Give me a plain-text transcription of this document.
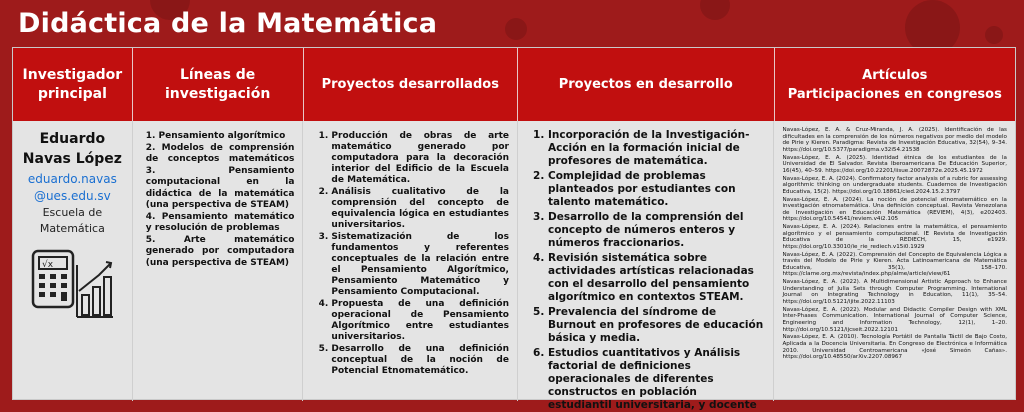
Didáctica de la Matemática
Investigador principal
Líneas de investigación
Proyectos desarrollados	Proyectos en desarrollo
Artículos
Participaciones en congresos
Eduardo
Navas López
eduardo.navas
@ues.edu.sv
Escuela de
Matemática
√x
1. Pensamiento algorítmico
2. Modelos de comprensión de conceptos matemáticos 3. Pensamiento computacional en la didáctica de la matemática (una perspectiva de STEAM)
4. Pensamiento matemático y resolución de problemas
5. Arte matemático generado por computadora (una perspectiva de STEAM)
1. Producción de obras de arte matemático generado por computadora para la decoración interior del Edificio de la Escuela de Matemática.
2. Análisis cualitativo de la comprensión del concepto de equivalencia lógica en estudiantes universitarios.
3. Sistematización de los fundamentos y referentes conceptuales de la relación entre el Pensamiento Algorítmico, Pensamiento Matemático y Pensamiento Computacional.
4. Propuesta de una definición operacional de Pensamiento Algorítmico entre estudiantes universitarios.
5. Desarrollo de una definición conceptual de la noción de Potencial Etnomatemático.
1. Incorporación de la Investigación-Acción en la formación inicial de profesores de matemática.
2. Complejidad de problemas planteados por estudiantes con talento matemático.
3. Desarrollo de la comprensión del concepto de números enteros y números fraccionarios.
4. Revisión sistemática sobre actividades artísticas relacionadas con el desarrollo del pensamiento algorítmico en contextos STEAM.
5. Prevalencia del síndrome de Burnout en profesores de educación básica y media.
6. Estudios cuantitativos y Análisis factorial de definiciones operacionales de diferentes constructos en población estudiantil universitaria, y docente

Navas-López, E. A. & Cruz-Miranda, J. A. (2025). Identificación de las dificultades en la comprensión de los números negativos por medio del modelo de Pirie y Kieren. Paradigma: Revista de Investigación Educativa, 32(54), 9–34. https://doi.org/10.5377/paradigma.v32i54.21538

Navas-López, E. A. (2025). Identidad étnica de los estudiantes de la Universidad de El Salvador. Revista Iberoamericana De Educación Superior, 16(45), 40–59. https://doi.org/10.22201/iisue.20072872e.2025.45.1972

Navas-López, E. A. (2024). Confirmatory factor analysis of a rubric for assessing algorithmic thinking on undergraduate students. Cuadernos de Investigación Educativa, 15(2). https://doi.org/10.18861/cied.2024.15.2.3797

Navas-López, E. A. (2024). La noción de potencial etnomatemático en la investigación etnomatemática. Una definición conceptual. Revista Venezolana de Investigación en Educación Matemática (REVIEM), 4(3), e202403. https://doi.org/10.54541/reviem.v4i2.105

Navas-López, E. A. (2024). Relaciones entre la matemática, el pensamiento algorítmico y el pensamiento computacional. IE Revista de Investigación Educativa de la REDIECH, 15, e1929. https://doi.org/10.33010/ie_rie_rediech.v15i0.1929

Navas-López, E. A. (2022). Comprensión del Concepto de Equivalencia Lógica a través del Modelo de Pirie y Kieren. Acta Latinoamericana de Matemática Educativa, 35(1), 158–170. https://clame.org.mx/revista/index.php/alme/article/view/61

Navas-López, E. A. (2022). A Multidimensional Artistic Approach to Enhance Understanding of Julia Sets through Computer Programming. International Journal on Integrating Technology in Education, 11(1), 35–54. https://doi.org/10.5121/ijite.2022.11103

Navas-López, E. A. (2022). Modular and Didactic Compiler Design with XML Inter-Phases Communication. International Journal of Computer Science, Engineering and Information Technology, 12(1), 1–20. http://doi.org/10.5121/ijcseit.2022.12101

Navas-López, E. A. (2010). Tecnología Portátil de Pantalla Táctil de Bajo Costo, Aplicada a la Docencia Universitaria. En Congreso de Electrónica e Informática 2010. Universidad Centroamericana «José Simeón Cañas». https://doi.org/10.48550/arXiv.2207.08967
